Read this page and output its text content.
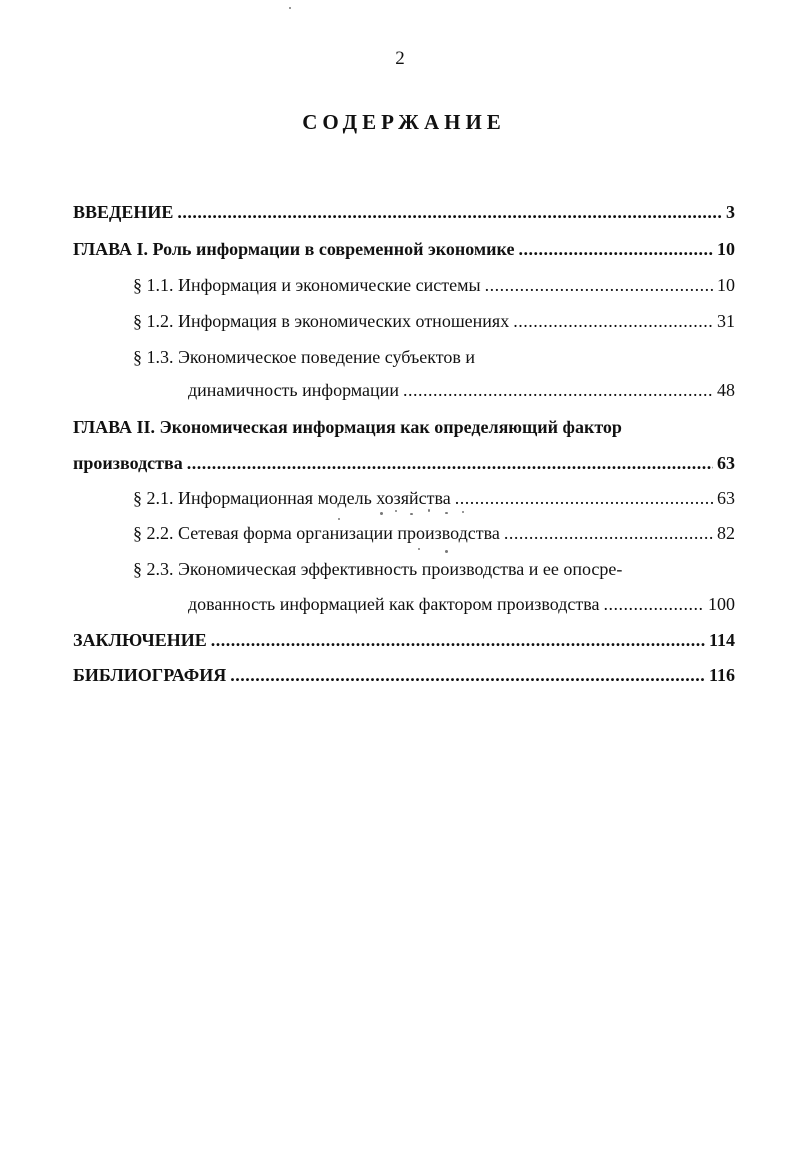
2
СОДЕРЖАНИЕ
ВВЕДЕНИЕ . . .	3
ГЛАВА I. Роль информации в современной экономике . . .	10
§ 1.1. Информация и экономические системы . . .	10
§ 1.2. Информация в экономических отношениях . . .	31
§ 1.3. Экономическое поведение субъектов и
динамичность информации . . .	48
ГЛАВА II. Экономическая информация как определяющий фактор
производства . . .	63
§ 2.1. Информационная модель хозяйства . . .	63
§ 2.2. Сетевая форма организации производства . . .	82
§ 2.3. Экономическая эффективность производства и ее опосре-
дованность информацией как фактором производства . . .	100
ЗАКЛЮЧЕНИЕ . . .	114
БИБЛИОГРАФИЯ . . .	116
